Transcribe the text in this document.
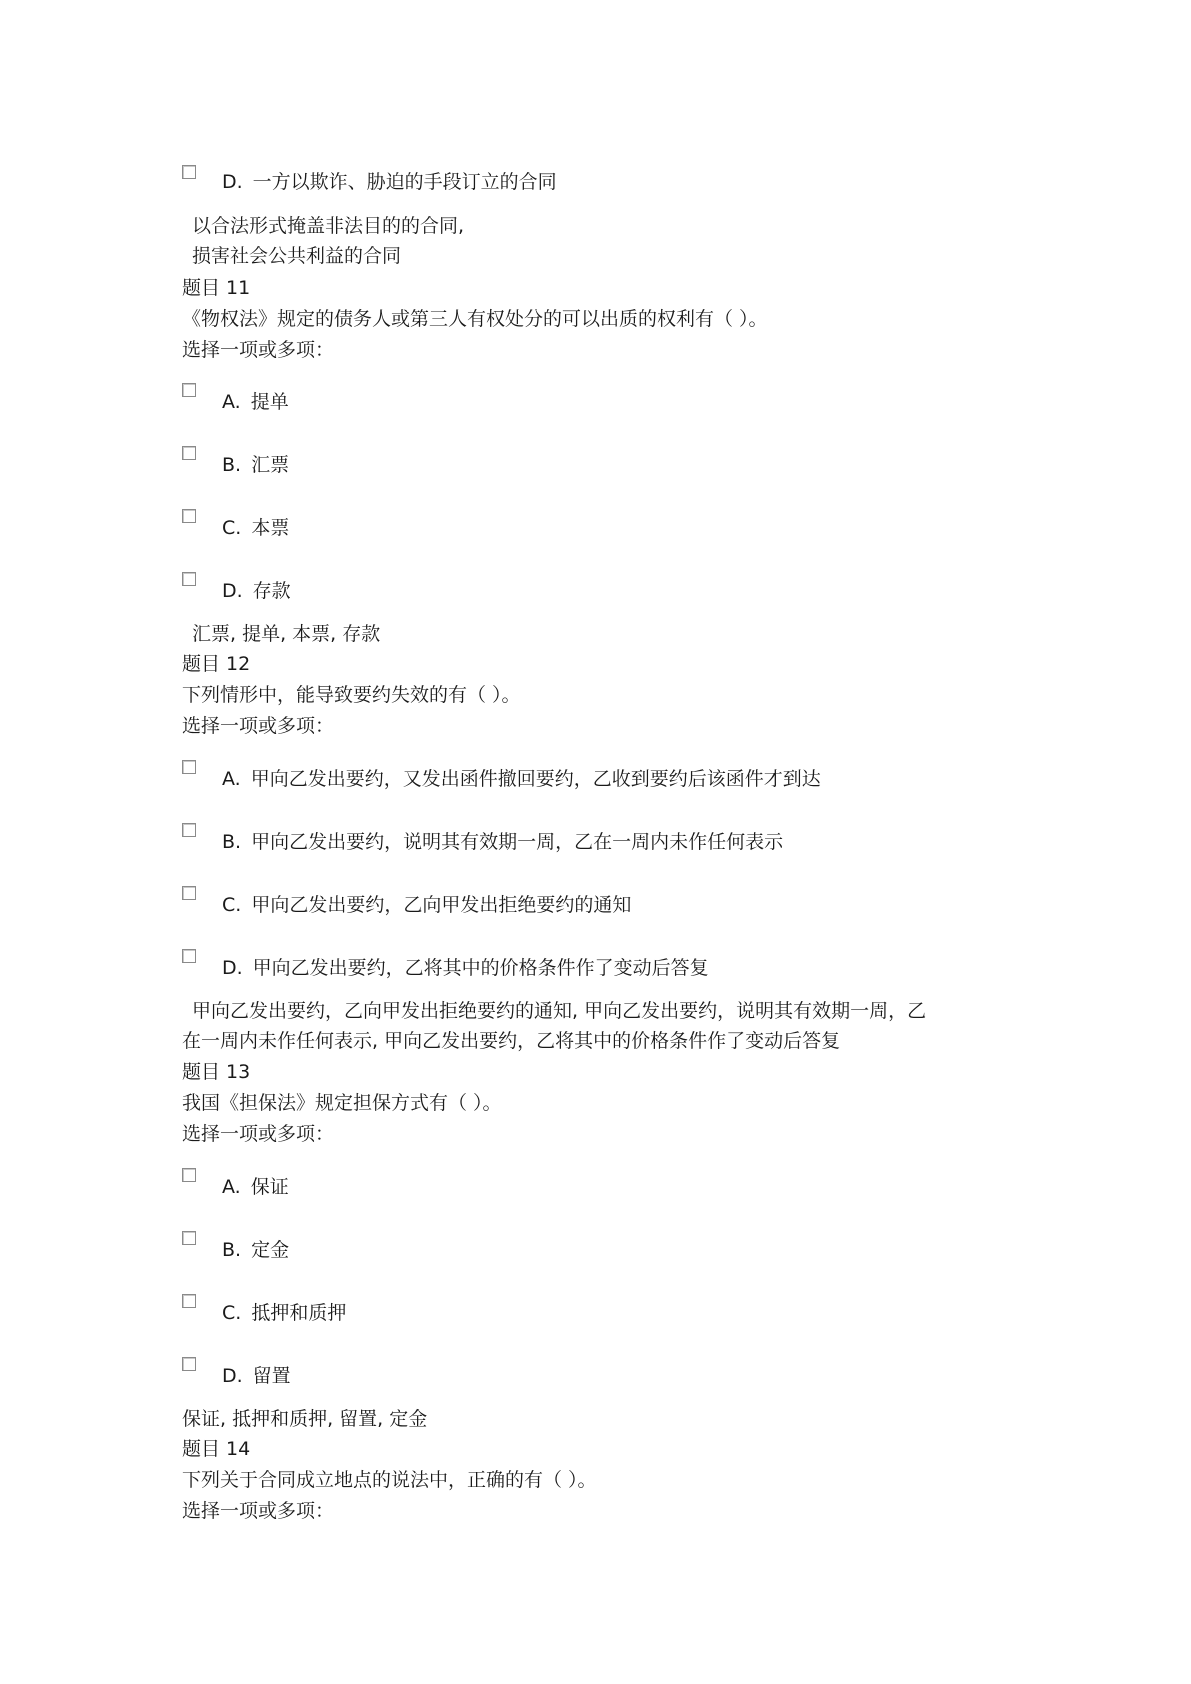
D. 一方以欺诈、胁迫的手段订立的合同
以合法形式掩盖非法目的的合同,
损害社会公共利益的合同
题目 11
《物权法》规定的债务人或第三人有权处分的可以出质的权利有（ ）。
选择一项或多项：
A. 提单
B. 汇票
C. 本票
D. 存款
汇票, 提单, 本票, 存款
题目 12
下列情形中，能导致要约失效的有（ ）。
选择一项或多项：
A. 甲向乙发出要约，又发出函件撤回要约，乙收到要约后该函件才到达
B. 甲向乙发出要约，说明其有效期一周，乙在一周内未作任何表示
C. 甲向乙发出要约，乙向甲发出拒绝要约的通知
D. 甲向乙发出要约，乙将其中的价格条件作了变动后答复
甲向乙发出要约，乙向甲发出拒绝要约的通知, 甲向乙发出要约，说明其有效期一周，乙
在一周内未作任何表示, 甲向乙发出要约，乙将其中的价格条件作了变动后答复
题目 13
我国《担保法》规定担保方式有（ ）。
选择一项或多项：
A. 保证
B. 定金
C. 抵押和质押
D. 留置
保证, 抵押和质押, 留置, 定金
题目 14
下列关于合同成立地点的说法中，正确的有（ ）。
选择一项或多项：
